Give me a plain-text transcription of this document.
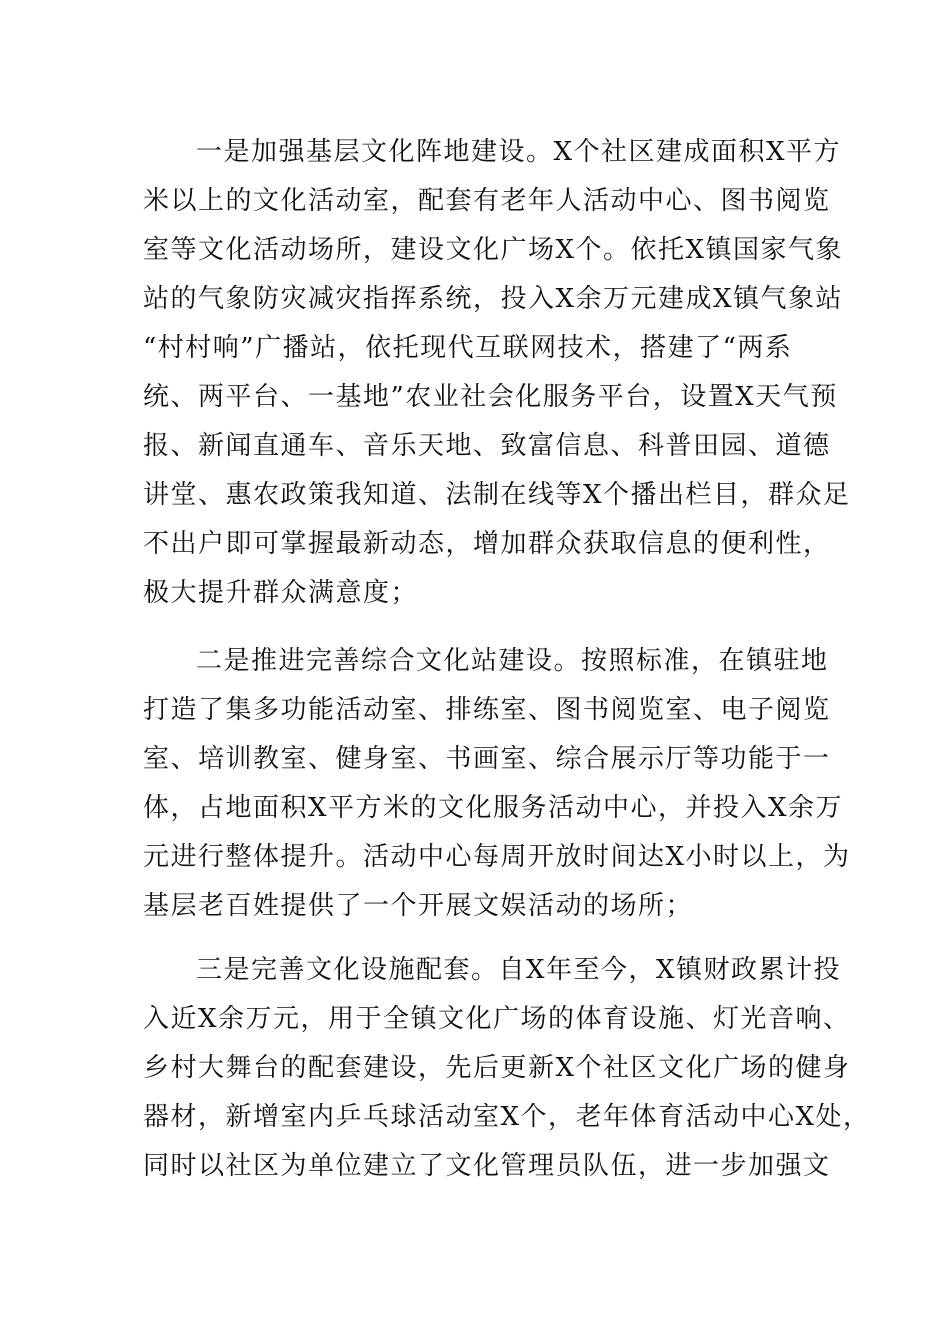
一是加强基层文化阵地建设。X个社区建成面积X平方
米以上的文化活动室，配套有老年人活动中心、图书阅览
室等文化活动场所，建设文化广场X个。依托X镇国家气象
站的气象防灾减灾指挥系统，投入X余万元建成X镇气象站
“村村响”广播站，依托现代互联网技术，搭建了“两系
统、两平台、一基地”农业社会化服务平台，设置X天气预
报、新闻直通车、音乐天地、致富信息、科普田园、道德
讲堂、惠农政策我知道、法制在线等X个播出栏目，群众足
不出户即可掌握最新动态，增加群众获取信息的便利性，
极大提升群众满意度；
二是推进完善综合文化站建设。按照标准，在镇驻地
打造了集多功能活动室、排练室、图书阅览室、电子阅览
室、培训教室、健身室、书画室、综合展示厅等功能于一
体，占地面积X平方米的文化服务活动中心，并投入X余万
元进行整体提升。活动中心每周开放时间达X小时以上，为
基层老百姓提供了一个开展文娱活动的场所；
三是完善文化设施配套。自X年至今，X镇财政累计投
入近X余万元，用于全镇文化广场的体育设施、灯光音响、
乡村大舞台的配套建设，先后更新X个社区文化广场的健身
器材，新增室内乒乓球活动室X个，老年体育活动中心X处，
同时以社区为单位建立了文化管理员队伍，进一步加强文
